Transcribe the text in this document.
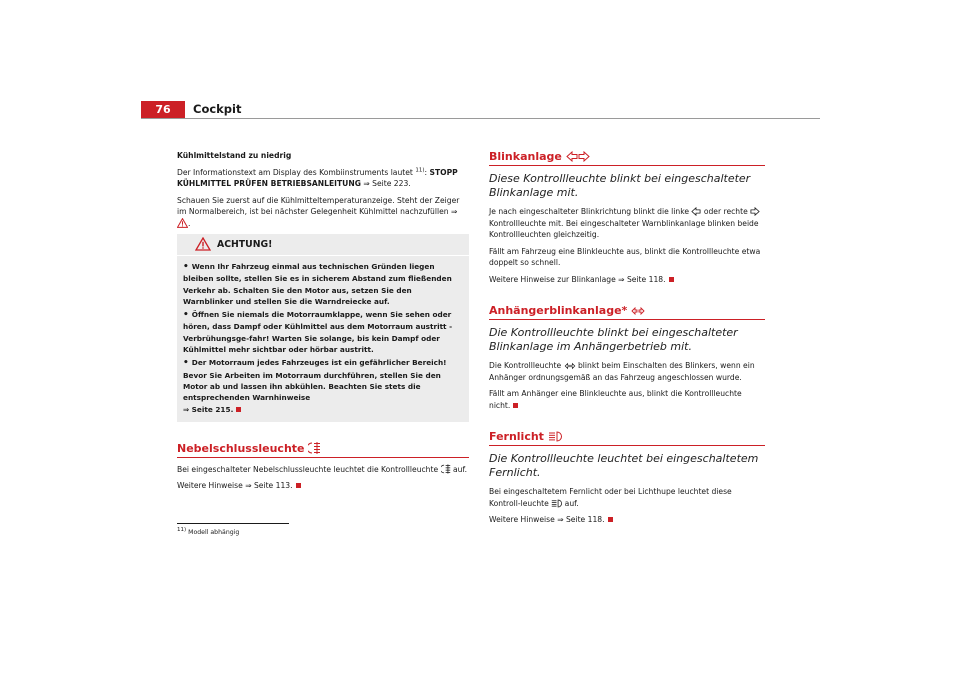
76	Cockpit

Kühlmittelstand zu niedrig

Der Informationstext am Display des Kombiinstruments lautet $^{11)}$: STOPP KÜHLMITTEL PRÜFEN BETRIEBSANLEITUNG ⇒ Seite 223.

Schauen Sie zuerst auf die Kühlmitteltemperaturanzeige. Steht der Zeiger im Normalbereich, ist bei nächster Gelegenheit Kühlmittel nachzufüllen ⇒ .

ACHTUNG!
• Wenn Ihr Fahrzeug einmal aus technischen Gründen liegen bleiben sollte, stellen Sie es in sicherem Abstand zum fließenden Verkehr ab. Schalten Sie den Motor aus, setzen Sie den Warnblinker und stellen Sie die Warndreiecke auf.
• Öffnen Sie niemals die Motorraumklappe, wenn Sie sehen oder hören, dass Dampf oder Kühlmittel aus dem Motorraum austritt - Verbrühungsge-fahr! Warten Sie solange, bis kein Dampf oder Kühlmittel mehr sichtbar oder hörbar austritt.
• Der Motorraum jedes Fahrzeuges ist ein gefährlicher Bereich! Bevor Sie Arbeiten im Motorraum durchführen, stellen Sie den Motor ab und lassen ihn abkühlen. Beachten Sie stets die entsprechenden Warnhinweise
⇒ Seite 215.
Nebelschlussleuchte

Bei eingeschalteter Nebelschlussleuchte leuchtet die Kontrollleuchte  auf.

Weitere Hinweise ⇒ Seite 113.

$^{11)}$ Modell abhängig
Blinkanlage
Diese Kontrollleuchte blinkt bei eingeschalteter Blinkanlage mit.

Je nach eingeschalteter Blinkrichtung blinkt die linke  oder rechte  Kontrollleuchte mit. Bei eingeschalteter Warnblinkanlage blinken beide Kontrollleuchten gleichzeitig.

Fällt am Fahrzeug eine Blinkleuchte aus, blinkt die Kontrollleuchte etwa doppelt so schnell.

Weitere Hinweise zur Blinkanlage ⇒ Seite 118.

Anhängerblinkanlage*
Die Kontrollleuchte blinkt bei eingeschalteter Blinkanlage im Anhängerbetrieb mit.

Die Kontrollleuchte  blinkt beim Einschalten des Blinkers, wenn ein Anhänger ordnungsgemäß an das Fahrzeug angeschlossen wurde.

Fällt am Anhänger eine Blinkleuchte aus, blinkt die Kontrollleuchte nicht.

Fernlicht
Die Kontrollleuchte leuchtet bei eingeschaltetem Fernlicht.

Bei eingeschaltetem Fernlicht oder bei Lichthupe leuchtet diese Kontroll-leuchte  auf.

Weitere Hinweise ⇒ Seite 118.
